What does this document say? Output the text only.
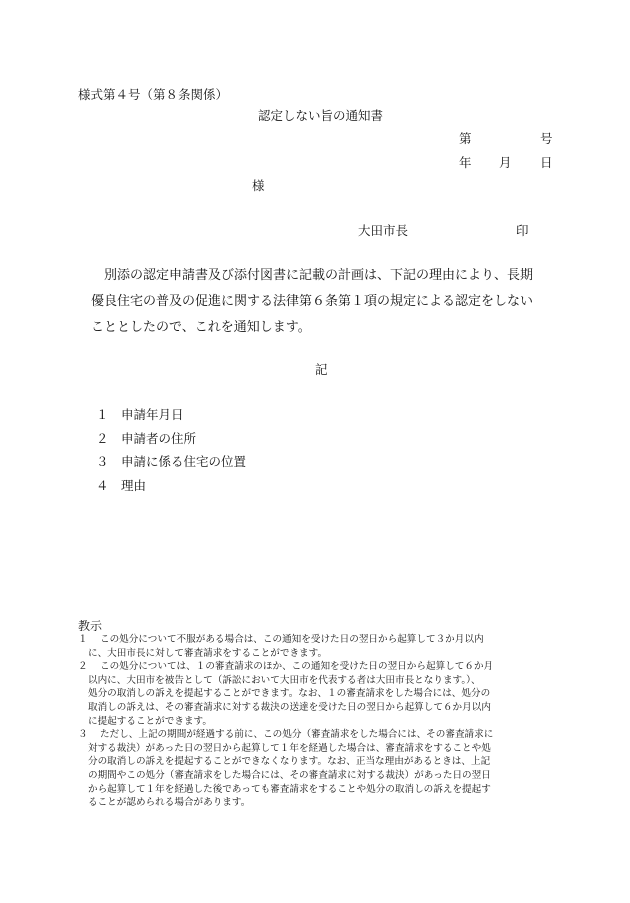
様式第４号（第８条関係）
認定しない旨の通知書
第	号
年 月 日
様
大田市長	印

別添の認定申請書及び添付図書に記載の計画は、下記の理由により、長期

優良住宅の普及の促進に関する法律第６条第１項の規定による認定をしない

こととしたので、これを通知します。

記
１ 申請年月日
２ 申請者の住所
３ 申請に係る住宅の位置
４ 理由
教示
１	この処分について不服がある場合は、この通知を受けた日の翌日から起算して３か月以内
に、大田市長に対して審査請求をすることができます。
２	この処分については、１の審査請求のほか、この通知を受けた日の翌日から起算して６か月
以内に、大田市を被告として（訴訟において大田市を代表する者は大田市長となります。）、
処分の取消しの訴えを提起することができます。なお、１の審査請求をした場合には、処分の
取消しの訴えは、その審査請求に対する裁決の送達を受けた日の翌日から起算して６か月以内
に提起することができます。
３	ただし、上記の期間が経過する前に、この処分（審査請求をした場合には、その審査請求に
対する裁決）があった日の翌日から起算して１年を経過した場合は、審査請求をすることや処
分の取消しの訴えを提起することができなくなります。なお、正当な理由があるときは、上記
の期間やこの処分（審査請求をした場合には、その審査請求に対する裁決）があった日の翌日
から起算して１年を経過した後であっても審査請求をすることや処分の取消しの訴えを提起す
ることが認められる場合があります。
